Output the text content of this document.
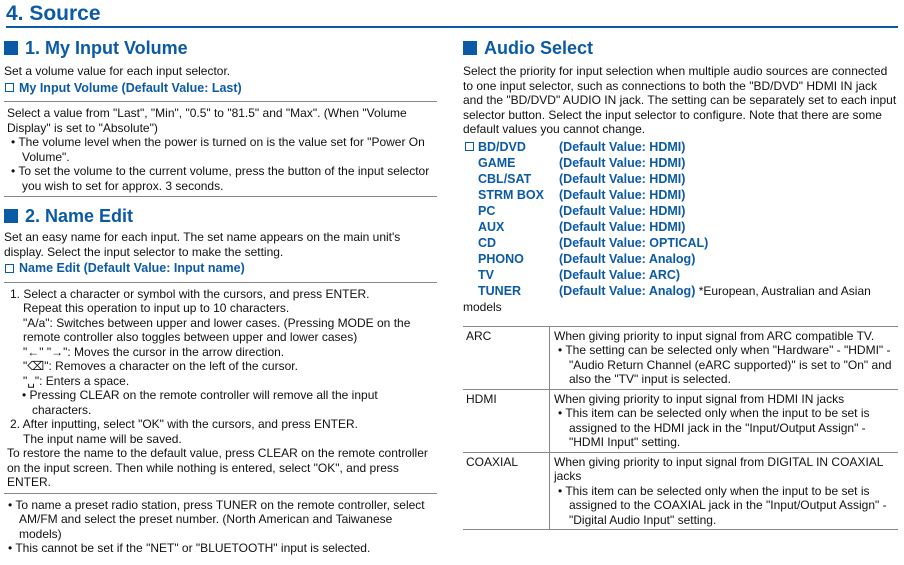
4. Source
1. My Input Volume
Set a volume value for each input selector.
My Input Volume (Default Value: Last)
Select a value from "Last", "Min", "0.5" to "81.5" and "Max". (When "Volume Display" is set to "Absolute")
• The volume level when the power is turned on is the value set for "Power On Volume".
• To set the volume to the current volume, press the button of the input selector you wish to set for approx. 3 seconds.
2. Name Edit
Set an easy name for each input. The set name appears on the main unit's display. Select the input selector to make the setting.
Name Edit (Default Value: Input name)
1. Select a character or symbol with the cursors, and press ENTER.
Repeat this operation to input up to 10 characters.
"A/a": Switches between upper and lower cases. (Pressing MODE on the remote controller also toggles between upper and lower cases)
"←" "→": Moves the cursor in the arrow direction.
"⌫": Removes a character on the left of the cursor.
"␣": Enters a space.
• Pressing CLEAR on the remote controller will remove all the input characters.
2. After inputting, select "OK" with the cursors, and press ENTER.
The input name will be saved.
To restore the name to the default value, press CLEAR on the remote controller on the input screen. Then while nothing is entered, select "OK", and press ENTER.
• To name a preset radio station, press TUNER on the remote controller, select AM/FM and select the preset number. (North American and Taiwanese models)
• This cannot be set if the "NET" or "BLUETOOTH" input is selected.
Audio Select
Select the priority for input selection when multiple audio sources are connected to one input selector, such as connections to both the "BD/DVD" HDMI IN jack and the "BD/DVD" AUDIO IN jack. The setting can be separately set to each input selector button. Select the input selector to configure. Note that there are some default values you cannot change.
BD/DVD	(Default Value: HDMI)
GAME	(Default Value: HDMI)
CBL/SAT	(Default Value: HDMI)
STRM BOX	(Default Value: HDMI)
PC	(Default Value: HDMI)
AUX	(Default Value: HDMI)
CD	(Default Value: OPTICAL)
PHONO	(Default Value: Analog)
TV	(Default Value: ARC)
TUNER	(Default Value: Analog) *European, Australian and Asian models
ARC	When giving priority to input signal from ARC compatible TV.
• The setting can be selected only when "Hardware" - "HDMI" - "Audio Return Channel (eARC supported)" is set to "On" and also the "TV" input is selected.
HDMI	When giving priority to input signal from HDMI IN jacks
• This item can be selected only when the input to be set is assigned to the HDMI jack in the "Input/Output Assign" - "HDMI Input" setting.
COAXIAL	When giving priority to input signal from DIGITAL IN COAXIAL jacks
• This item can be selected only when the input to be set is assigned to the COAXIAL jack in the "Input/Output Assign" - "Digital Audio Input" setting.
